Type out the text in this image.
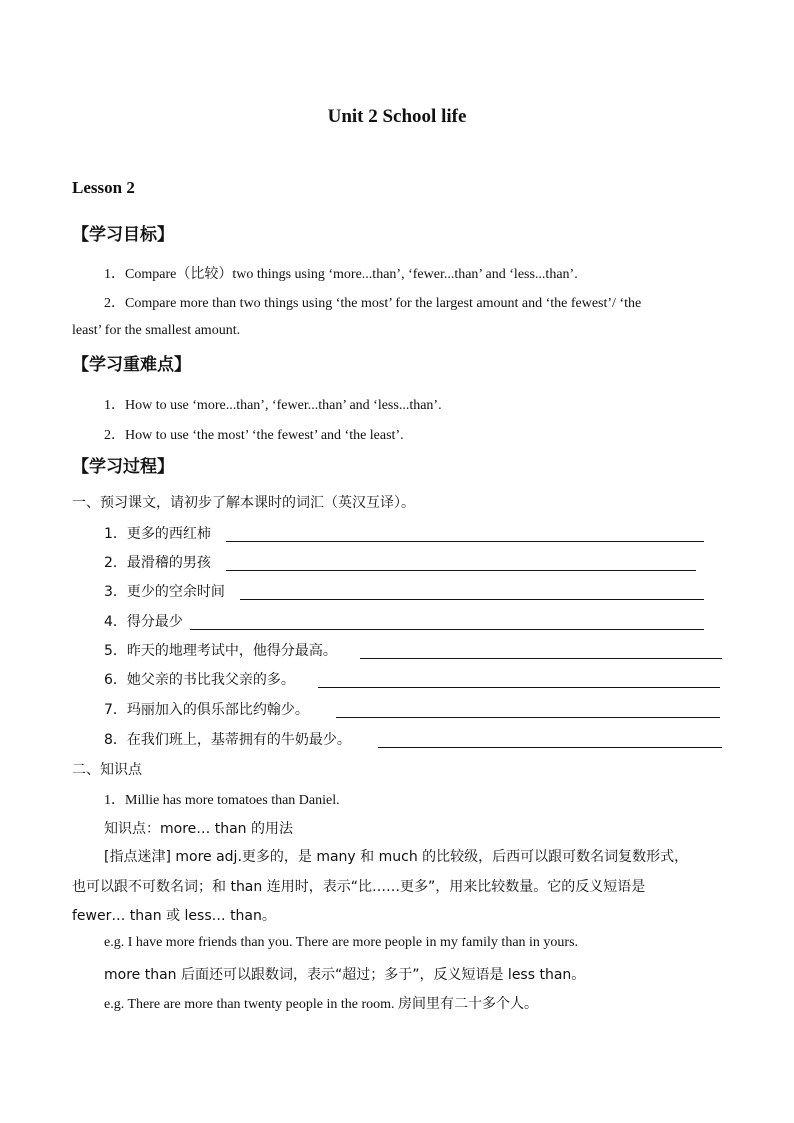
Unit 2 School life
Lesson 2
【学习目标】
1．Compare（比较）two things using ‘more...than’, ‘fewer...than’ and ‘less...than’.
2．Compare more than two things using ‘the most’ for the largest amount and ‘the fewest’/ ‘the
least’ for the smallest amount.
【学习重难点】
1．How to use ‘more...than’, ‘fewer...than’ and ‘less...than’.
2．How to use ‘the most’ ‘the fewest’ and ‘the least’.
【学习过程】
一、预习课文，请初步了解本课时的词汇（英汉互译）。
1．更多的西红柿
2．最滑稽的男孩
3．更少的空余时间
4．得分最少
5．昨天的地理考试中，他得分最高。
6．她父亲的书比我父亲的多。
7．玛丽加入的俱乐部比约翰少。
8．在我们班上，基蒂拥有的牛奶最少。
二、知识点
1．Millie has more tomatoes than Daniel.
知识点：more… than 的用法
[指点迷津] more adj.更多的，是 many 和 much 的比较级，后西可以跟可数名词复数形式，
也可以跟不可数名词；和 than 连用时，表示“比……更多”，用来比较数量。它的反义短语是
fewer… than 或 less… than。
e.g. I have more friends than you. There are more people in my family than in yours.
more than 后面还可以跟数词，表示“超过；多于”，反义短语是 less than。
e.g. There are more than twenty people in the room. 房间里有二十多个人。
